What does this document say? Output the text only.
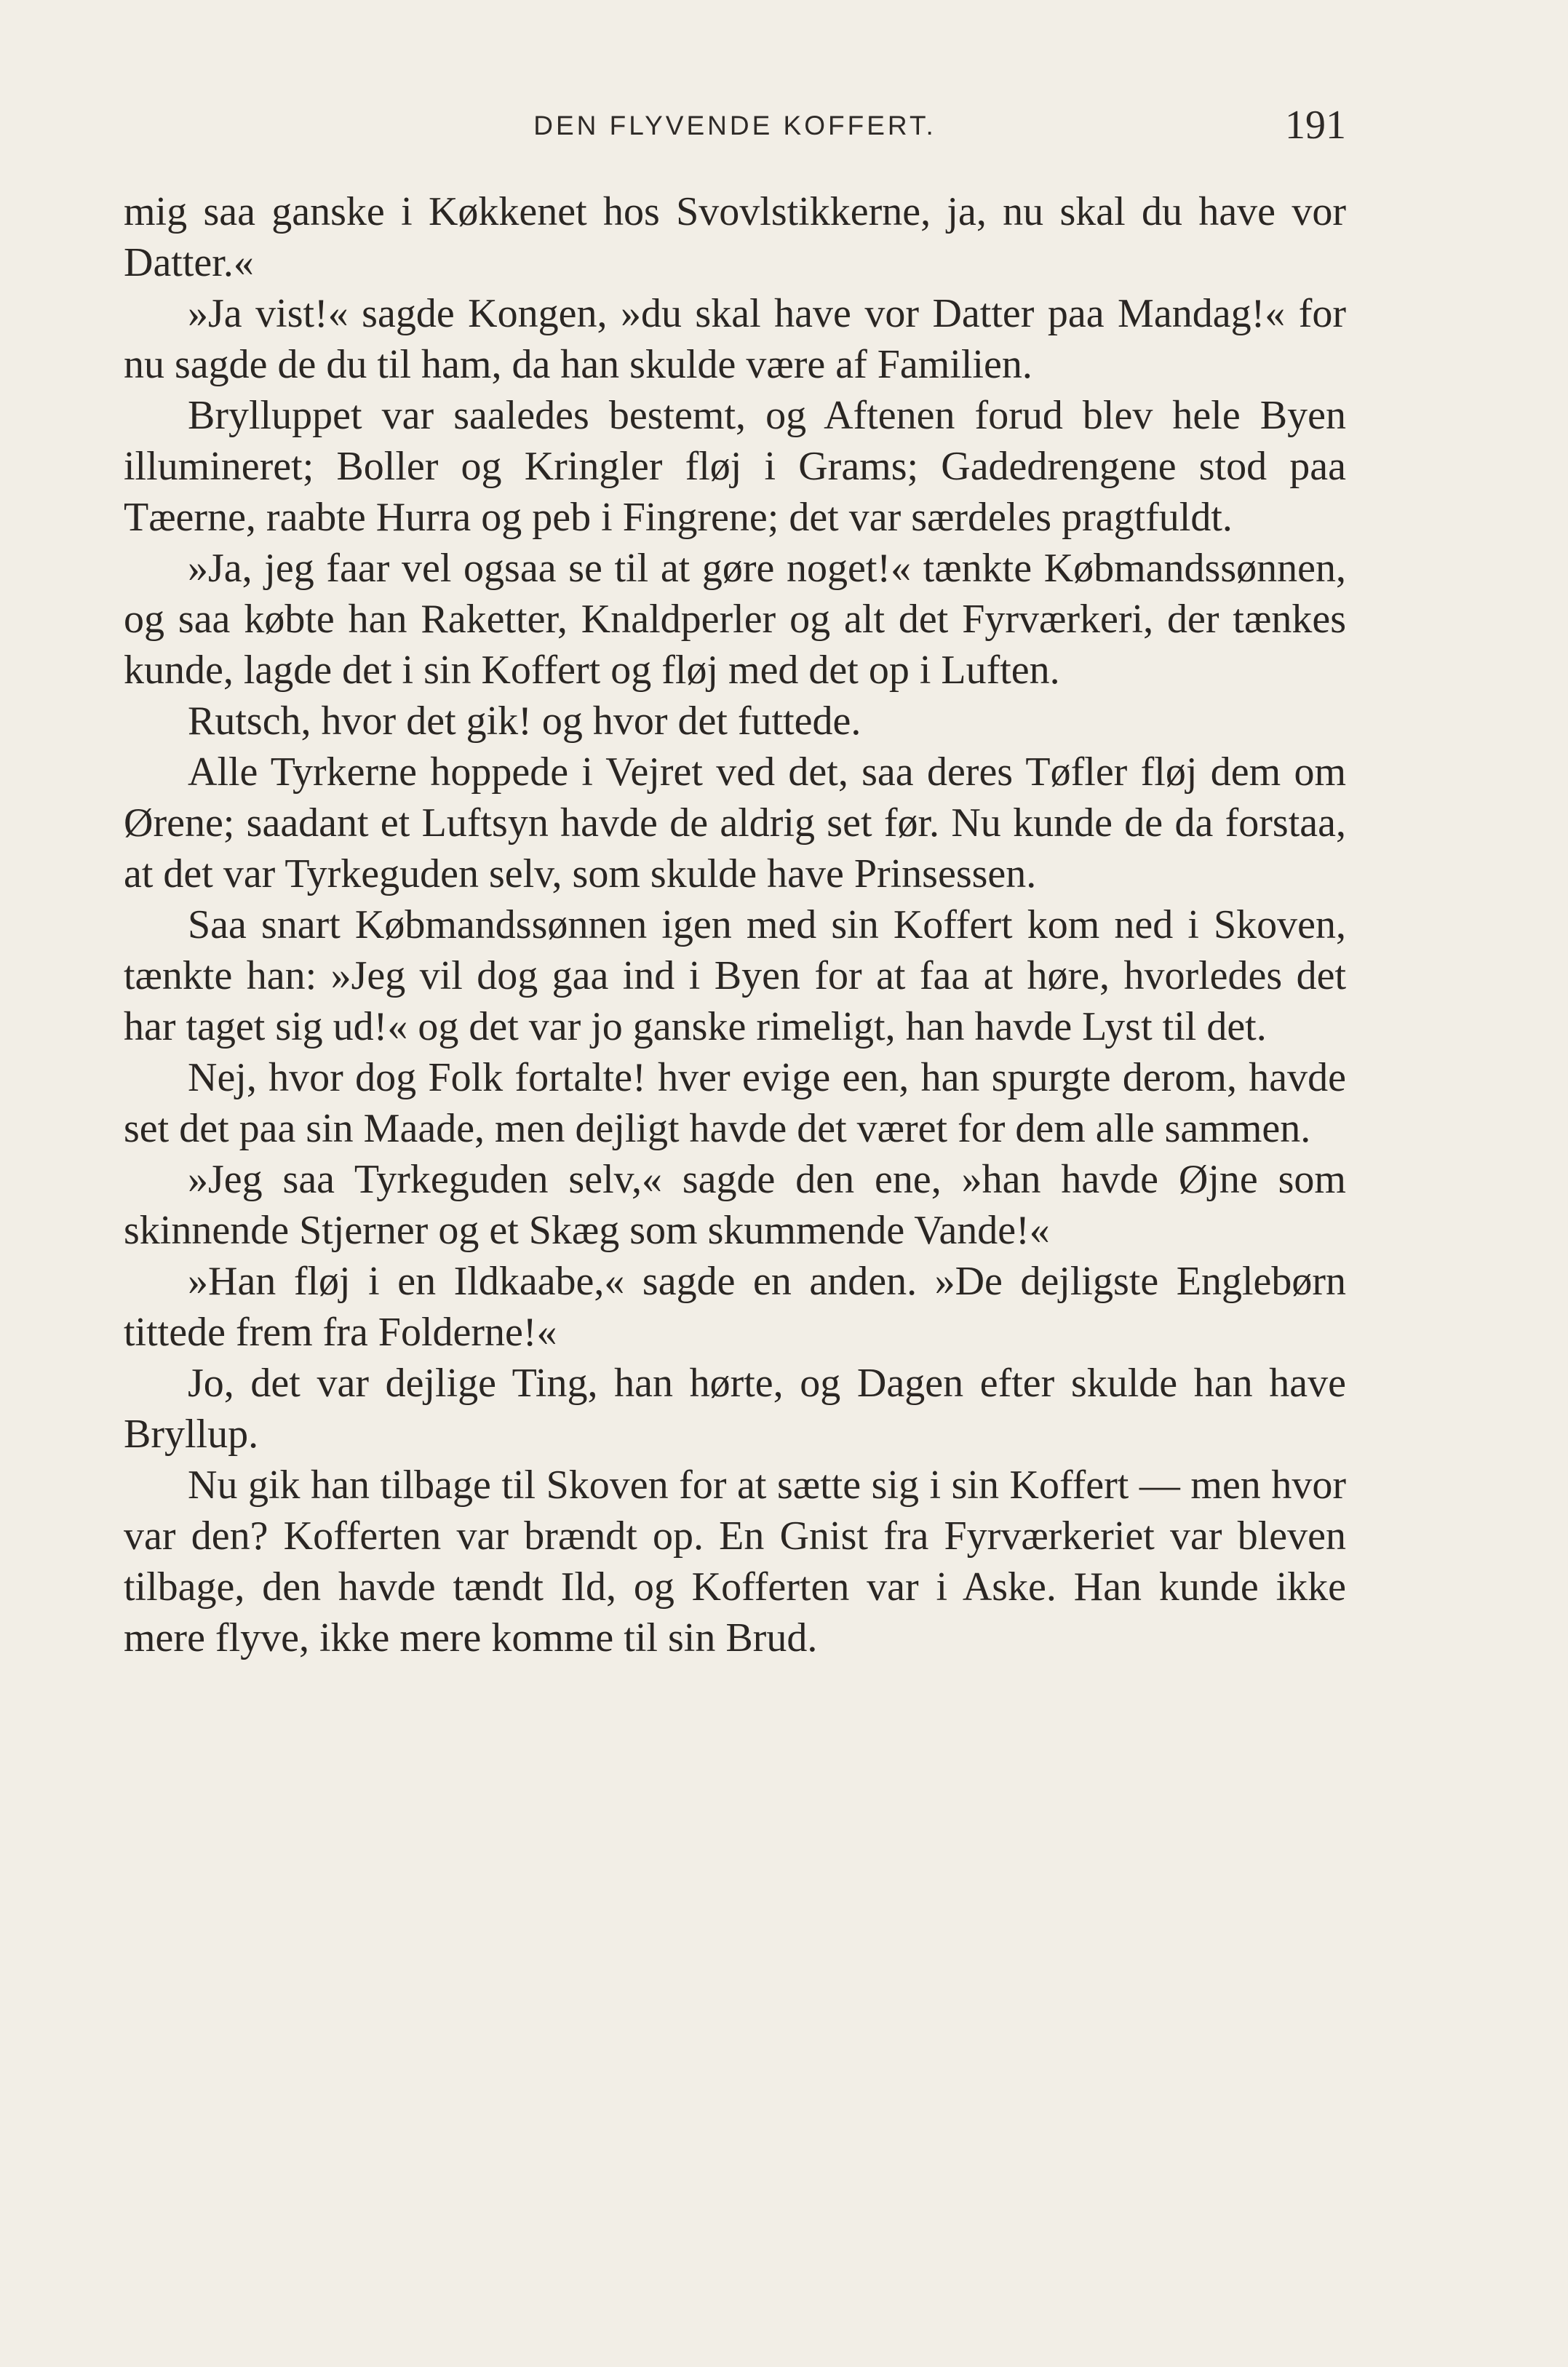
DEN FLYVENDE KOFFERT.	191

mig saa ganske i Køkkenet hos Svovlstikkerne, ja, nu skal du have vor Datter.«

»Ja vist!« sagde Kongen, »du skal have vor Datter paa Mandag!« for nu sagde de du til ham, da han skulde være af Familien.

Brylluppet var saaledes bestemt, og Aftenen forud blev hele Byen illumineret; Boller og Kringler fløj i Grams; Gadedrengene stod paa Tæerne, raabte Hurra og peb i Fingrene; det var særdeles pragtfuldt.

»Ja, jeg faar vel ogsaa se til at gøre noget!« tænkte Købmandssønnen, og saa købte han Raketter, Knaldperler og alt det Fyrværkeri, der tænkes kunde, lagde det i sin Koffert og fløj med det op i Luften.

Rutsch, hvor det gik! og hvor det futtede.

Alle Tyrkerne hoppede i Vejret ved det, saa deres Tøfler fløj dem om Ørene; saadant et Luftsyn havde de aldrig set før. Nu kunde de da forstaa, at det var Tyrkeguden selv, som skulde have Prinsessen.

Saa snart Købmandssønnen igen med sin Koffert kom ned i Skoven, tænkte han: »Jeg vil dog gaa ind i Byen for at faa at høre, hvorledes det har taget sig ud!« og det var jo ganske rimeligt, han havde Lyst til det.

Nej, hvor dog Folk fortalte! hver evige een, han spurgte derom, havde set det paa sin Maade, men dejligt havde det været for dem alle sammen.

»Jeg saa Tyrkeguden selv,« sagde den ene, »han havde Øjne som skinnende Stjerner og et Skæg som skummende Vande!«

»Han fløj i en Ildkaabe,« sagde en anden. »De dejligste Englebørn tittede frem fra Folderne!«

Jo, det var dejlige Ting, han hørte, og Dagen efter skulde han have Bryllup.

Nu gik han tilbage til Skoven for at sætte sig i sin Koffert — men hvor var den? Kofferten var brændt op. En Gnist fra Fyrværkeriet var bleven tilbage, den havde tændt Ild, og Kofferten var i Aske. Han kunde ikke mere flyve, ikke mere komme til sin Brud.
